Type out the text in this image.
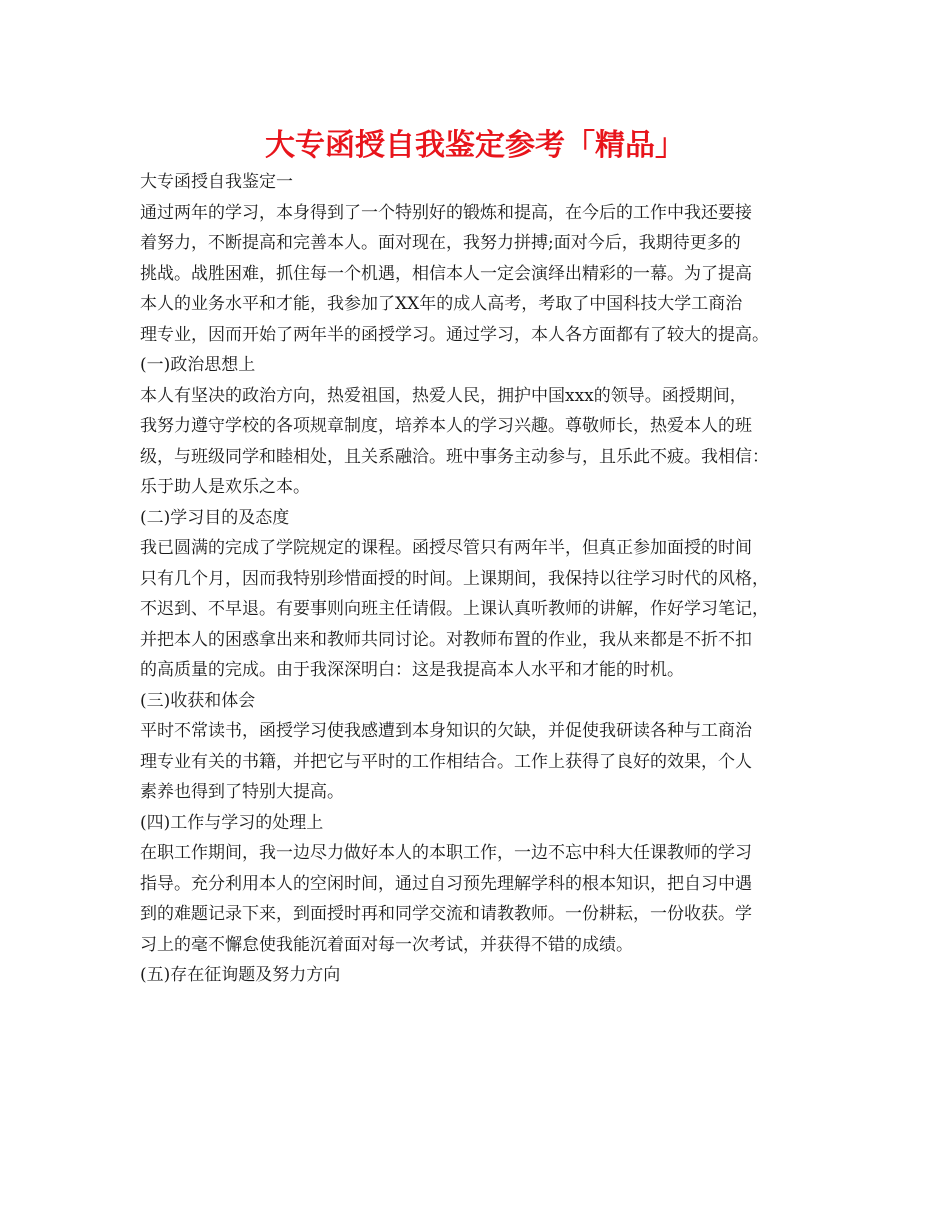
大专函授自我鉴定参考「精品」
大专函授自我鉴定一
通过两年的学习，本身得到了一个特别好的锻炼和提高，在今后的工作中我还要接
着努力，不断提高和完善本人。面对现在，我努力拼搏;面对今后，我期待更多的
挑战。战胜困难，抓住每一个机遇，相信本人一定会演绎出精彩的一幕。为了提高
本人的业务水平和才能，我参加了XX年的成人高考，考取了中国科技大学工商治
理专业，因而开始了两年半的函授学习。通过学习，本人各方面都有了较大的提高。
(一)政治思想上
本人有坚决的政治方向，热爱祖国，热爱人民，拥护中国xxx的领导。函授期间，
我努力遵守学校的各项规章制度，培养本人的学习兴趣。尊敬师长，热爱本人的班
级，与班级同学和睦相处，且关系融洽。班中事务主动参与，且乐此不疲。我相信：
乐于助人是欢乐之本。
(二)学习目的及态度
我已圆满的完成了学院规定的课程。函授尽管只有两年半，但真正参加面授的时间
只有几个月，因而我特别珍惜面授的时间。上课期间，我保持以往学习时代的风格，
不迟到、不早退。有要事则向班主任请假。上课认真听教师的讲解，作好学习笔记，
并把本人的困惑拿出来和教师共同讨论。对教师布置的作业，我从来都是不折不扣
的高质量的完成。由于我深深明白：这是我提高本人水平和才能的时机。
(三)收获和体会
平时不常读书，函授学习使我感遭到本身知识的欠缺，并促使我研读各种与工商治
理专业有关的书籍，并把它与平时的工作相结合。工作上获得了良好的效果，个人
素养也得到了特别大提高。
(四)工作与学习的处理上
在职工作期间，我一边尽力做好本人的本职工作，一边不忘中科大任课教师的学习
指导。充分利用本人的空闲时间，通过自习预先理解学科的根本知识，把自习中遇
到的难题记录下来，到面授时再和同学交流和请教教师。一份耕耘，一份收获。学
习上的毫不懈怠使我能沉着面对每一次考试，并获得不错的成绩。
(五)存在征询题及努力方向
